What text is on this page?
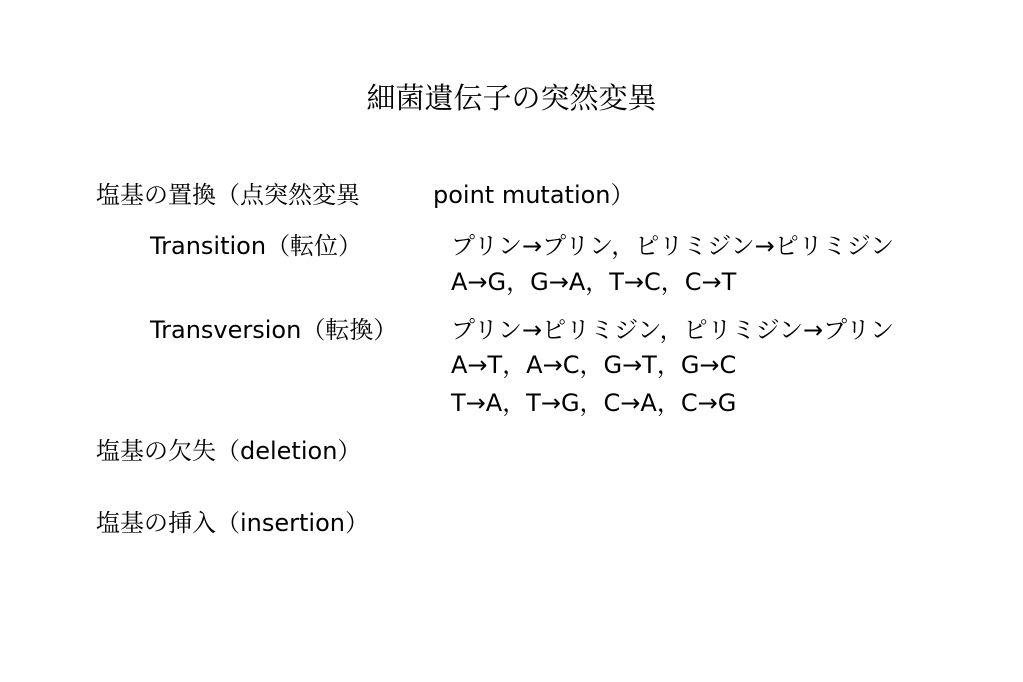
細菌遺伝子の突然変異
塩基の置換（点突然変異	point mutation）
Transition（転位）	プリン→プリン，ピリミジン→ピリミジン
A→G，G→A，T→C，C→T
Transversion（転換） プリン→ピリミジン，ピリミジン→プリン
A→T，A→C，G→T，G→C
T→A，T→G，C→A，C→G
塩基の欠失（deletion）
塩基の挿入（insertion）
